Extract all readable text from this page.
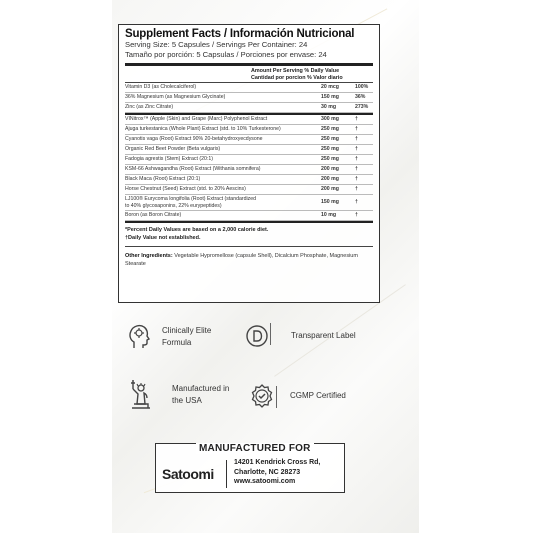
Supplement Facts / Información Nutricional
Serving Size: 5 Capsules / Servings Per Container: 24
Tamaño por porción: 5 Capsulas / Porciones por envase: 24
Amount Per Serving % Daily Value
Cantidad por porcion % Valor diario
Vitamin D3 (as Cholecalciferol)	20 mcg	100%
36% Magnesium (as Magnesium Glycinate)	150 mg	36%
Zinc (as Zinc Citrate)	30 mg	273%
VINitrox™ (Apple (Skin) and Grape (Marc) Polyphenol Extract	300 mg	†
Ajuga turkestanica (Whole Plant) Extract (std. to 10% Turkesterone)	250 mg	†
Cyanotis vaga (Root) Extract 90% 20-betahydroxyecdysone	250 mg	†
Organic Red Beet Powder (Beta vulgaris)	250 mg	†
Fadogia agrestis (Stem) Extract (20:1)	250 mg	†
KSM-66 Ashwagandha (Root) Extract (Withania somnifera)	200 mg	†
Black Maca (Root) Extract (20:1)	200 mg	†
Horse Chestnut (Seed) Extract (std. to 20% Aescins)	200 mg	†
LJ100® Eurycoma longifolia (Root) Extract (standardized
to 40% glycosaponins, 22% eurypeptides)
150 mg	†
Boron (as Boron Citrate)	10 mg	†
*Percent Daily Values are based on a 2,000 calorie diet.
†Daily Value not established.
Other Ingredients: Vegetable Hypromellose (capsule Shell), Dicalcium Phosphate, Magnesium Stearate
Clinically Elite
Formula
Transparent Label
Manufactured in
the USA
CGMP Certified
MANUFACTURED FOR
Satoomi
14201 Kendrick Cross Rd,
Charlotte, NC 28273
www.satoomi.com
